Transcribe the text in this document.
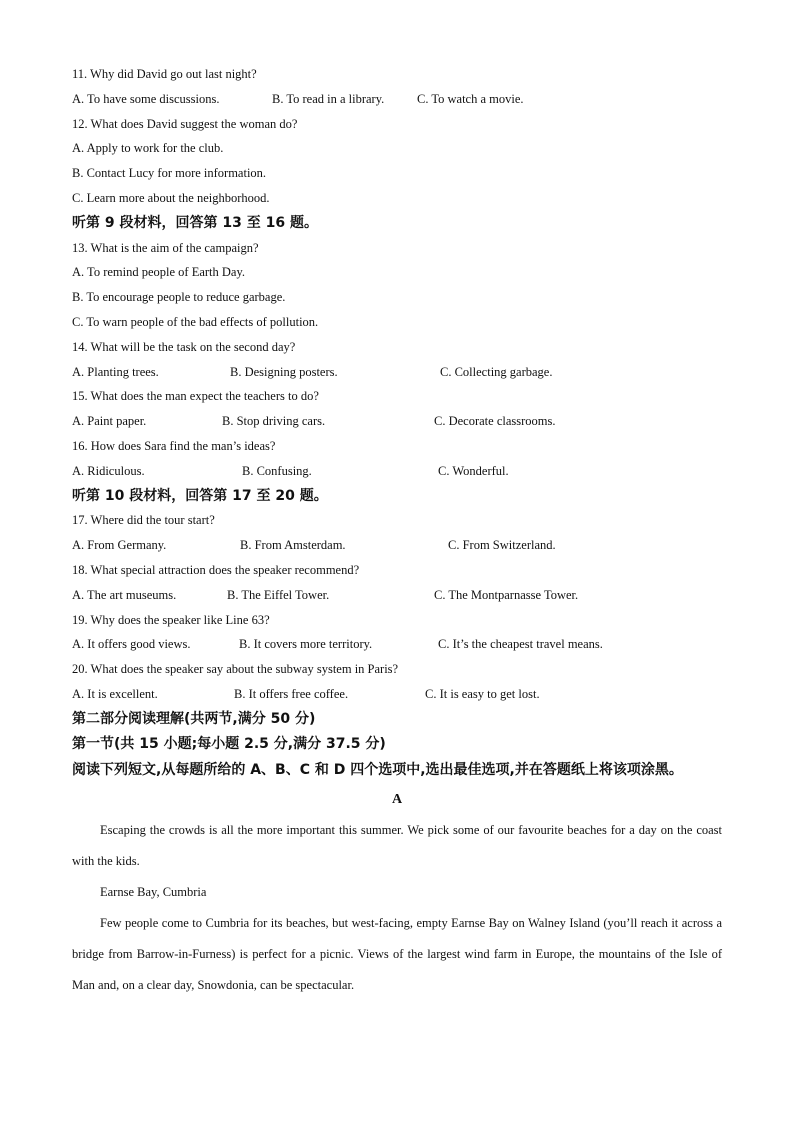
11. Why did David go out last night?
A. To have some discussions.	B. To read in a library.	C. To watch a movie.
12. What does David suggest the woman do?
A. Apply to work for the club.
B. Contact Lucy for more information.
C. Learn more about the neighborhood.
听第 9 段材料，回答第 13 至 16 题。
13. What is the aim of the campaign?
A. To remind people of Earth Day.
B. To encourage people to reduce garbage.
C. To warn people of the bad effects of pollution.
14. What will be the task on the second day?
A. Planting trees.	B. Designing posters.	C. Collecting garbage.
15. What does the man expect the teachers to do?
A. Paint paper.	B. Stop driving cars.	C. Decorate classrooms.
16. How does Sara find the man’s ideas?
A. Ridiculous.	B. Confusing.	C. Wonderful.
听第 10 段材料，回答第 17 至 20 题。
17. Where did the tour start?
A. From Germany.	B. From Amsterdam.	C. From Switzerland.
18. What special attraction does the speaker recommend?
A. The art museums.	B. The Eiffel Tower.	C. The Montparnasse Tower.
19. Why does the speaker like Line 63?
A. It offers good views.	B. It covers more territory.	C. It’s the cheapest travel means.
20. What does the speaker say about the subway system in Paris?
A. It is excellent.	B. It offers free coffee.	C. It is easy to get lost.
第二部分阅读理解(共两节,满分 50 分)
第一节(共 15 小题;每小题 2.5 分,满分 37.5 分)
阅读下列短文,从每题所给的 A、B、C 和 D 四个选项中,选出最佳选项,并在答题纸上将该项涂黑。
A
Escaping the crowds is all the more important this summer. We pick some of our favourite beaches for a day on the coast with the kids.
Earnse Bay, Cumbria
Few people come to Cumbria for its beaches, but west-facing, empty Earnse Bay on Walney Island (you’ll reach it across a bridge from Barrow-in-Furness) is perfect for a picnic. Views of the largest wind farm in Europe, the mountains of the Isle of Man and, on a clear day, Snowdonia, can be spectacular.
